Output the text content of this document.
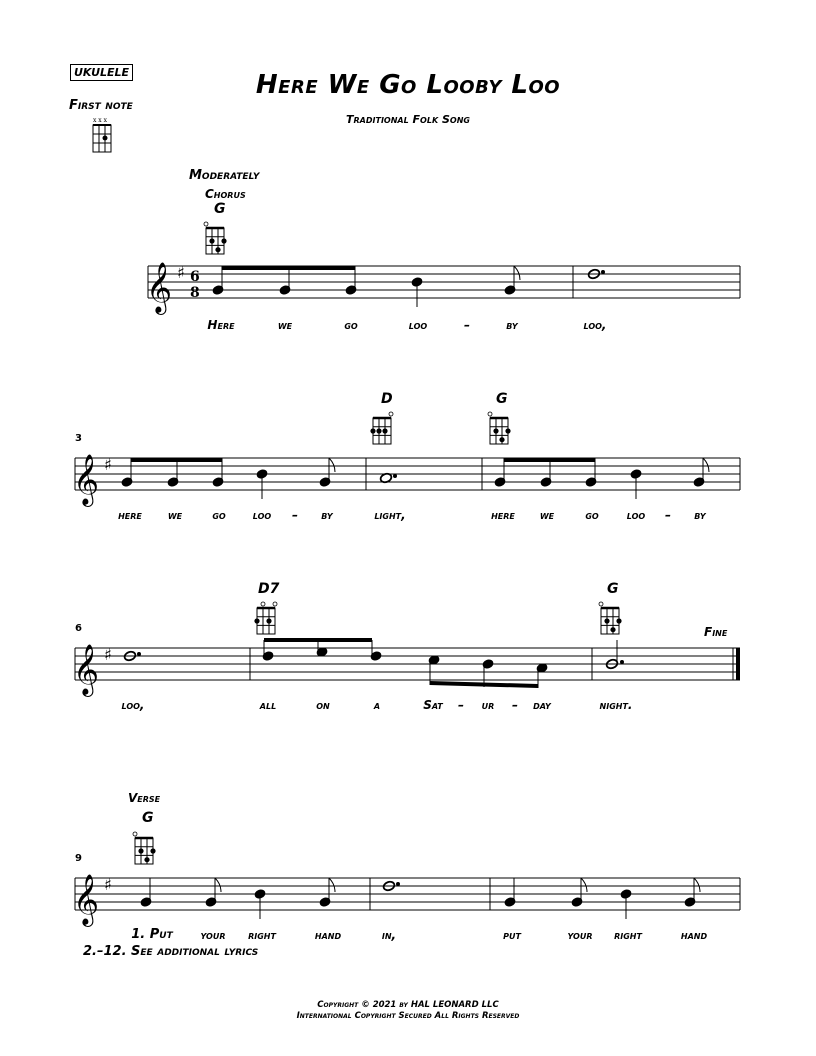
UKULELE	Here We Go Looby Loo
Traditional Folk Song
First note
x x x
Moderately
Chorus
G
D	G
D7	G
G
Fine
Verse
3
6
9
𝄞 ♯ 6
8
𝄞 ♯
𝄞 ♯
𝄞 ♯
Here	we	go	loo	–	by	loo,
here we	go loo – by	light,	here we	go loo – by
loo,	all	on	a	Sat – ur – day	night.
1. Put your right	hand	in,	put	your right	hand
2.–12. See additional lyrics
Copyright © 2021 by HAL LEONARD LLC
International Copyright Secured All Rights Reserved
